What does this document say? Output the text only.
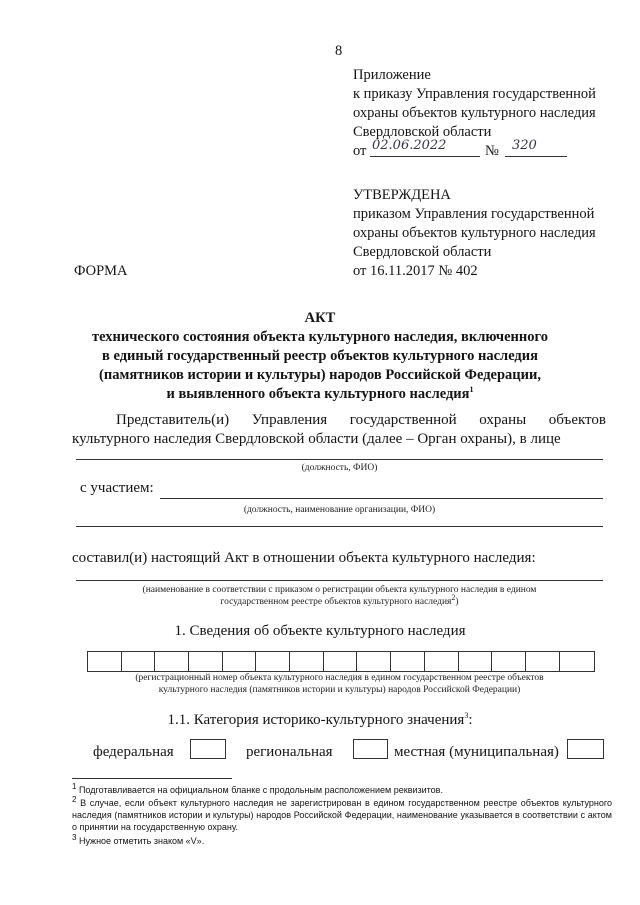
8
Приложение
к приказу Управления государственной
охраны объектов культурного наследия
Свердловской области
от 02.06.2022	№ 320
УТВЕРЖДЕНА
приказом Управления государственной
охраны объектов культурного наследия
Свердловской области
от 16.11.2017 № 402
ФОРМА
АКТ
технического состояния объекта культурного наследия, включенного
в единый государственный реестр объектов культурного наследия
(памятников истории и культуры) народов Российской Федерации,
и выявленного объекта культурного наследия$^1$
Представитель(и) Управления государственной охраны объектов
культурного наследия Свердловской области (далее – Орган охраны), в лице
(должность, ФИО)
с участием:
(должность, наименование организации, ФИО)
составил(и) настоящий Акт в отношении объекта культурного наследия:
(наименование в соответствии с приказом о регистрации объекта культурного наследия в едином
государственном реестре объектов культурного наследия$^2$)
1. Сведения об объекте культурного наследия
(регистрационный номер объекта культурного наследия в едином государственном реестре объектов
культурного наследия (памятников истории и культуры) народов Российской Федерации)
1.1. Категория историко-культурного значения$^3$:
федеральная	региональная	местная (муниципальная)
$^1$ Подготавливается на официальном бланке с продольным расположением реквизитов.
$^2$ В случае, если объект культурного наследия не зарегистрирован в едином государственном реестре объектов культурного наследия (памятников истории и культуры) народов Российской Федерации, наименование указывается в соответствии с актом о принятии на государственную охрану.
$^3$ Нужное отметить знаком «V».
